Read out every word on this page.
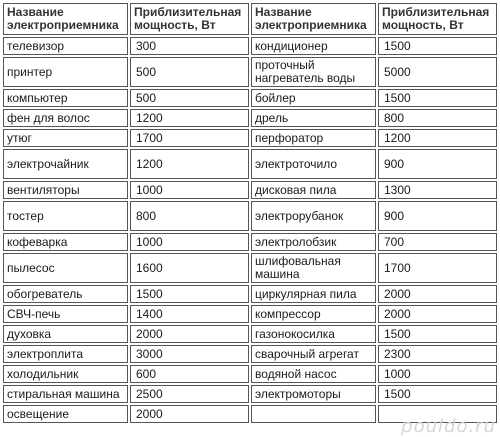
Название электроприемника	Приблизительная мощность, Вт	Название электроприемника	Приблизительная мощность, Вт
телевизор	300	кондиционер	1500
принтер	500	проточный нагреватель воды	5000
компьютер	500	бойлер	1500
фен для волос	1200	дрель	800
утюг	1700	перфоратор	1200
электрочайник	1200	электроточило	900
вентиляторы	1000	дисковая пила	1300
тостер	800	электрорубанок	900
кофеварка	1000	электролобзик	700
пылесос	1600	шлифовальная машина	1700
обогреватель	1500	циркулярная пила	2000
СВЧ-печь	1400	компрессор	2000
духовка	2000	газонокосилка	1500
электроплита	3000	сварочный агрегат	2300
холодильник	600	водяной насос	1000
стиральная машина	2500	электромоторы	1500
освещение	2000		
pouldo.ru
